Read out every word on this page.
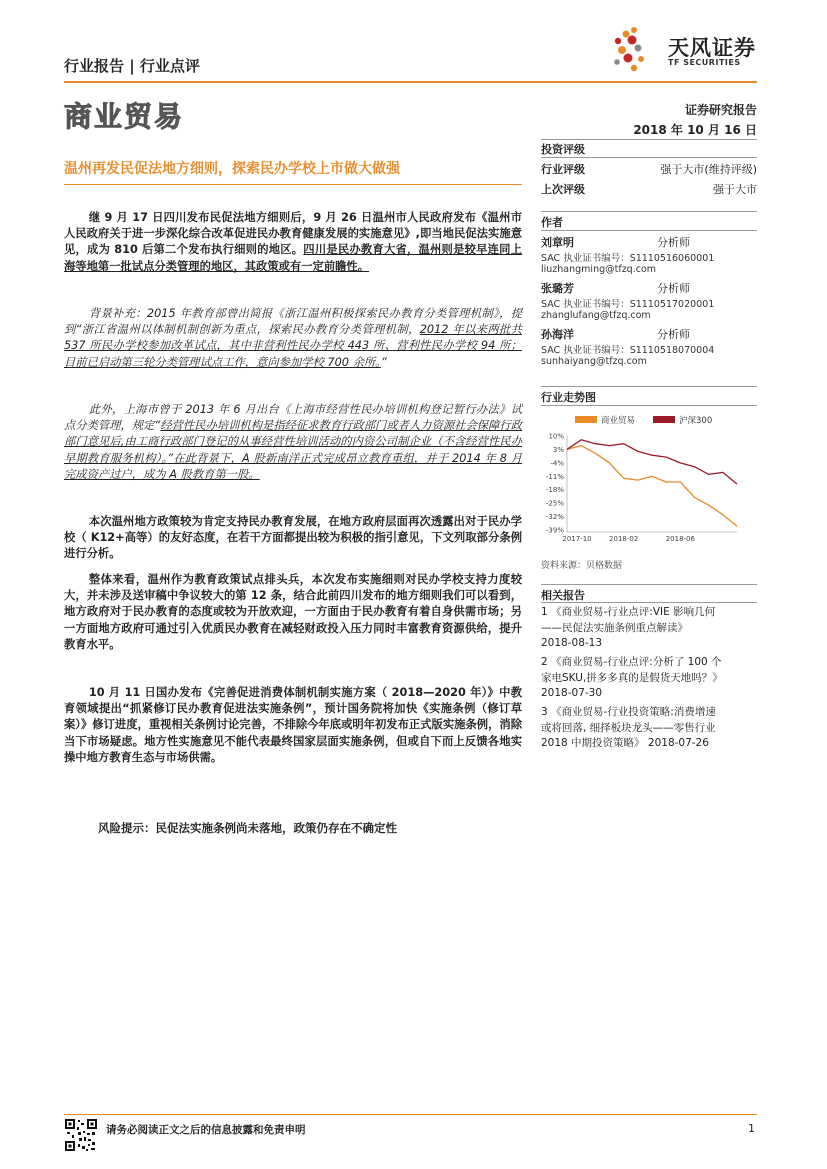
行业报告 | 行业点评
商业贸易
天风证券
TF SECURITIES
证券研究报告
2018 年 10 月 16 日
温州再发民促法地方细则，探索民办学校上市做大做强
投资评级
行业评级	强于大市(维持评级)
上次评级	强于大市
作者
刘章明	分析师
SAC 执业证书编号：S1110516060001
liuzhangming@tfzq.com
张璐芳	分析师
SAC 执业证书编号：S1110517020001
zhanglufang@tfzq.com
孙海洋	分析师
SAC 执业证书编号：S1110518070004
sunhaiyang@tfzq.com
行业走势图
商业贸易	沪深300
10%
3%
-4%
-11%
-18%
-25%
-32%
-39%
2017-10 2018-02	2018-06
资料来源：贝格数据
相关报告
1 《商业贸易-行业点评:VIE 影响几何
——民促法实施条例重点解读》
2018-08-13
2 《商业贸易-行业点评:分析了 100 个
家电SKU,拼多多真的是假货天地吗？》
2018-07-30
3 《商业贸易-行业投资策略:消费增速
或将回落, 细择板块龙头——零售行业
2018 中期投资策略》 2018-07-26

继 9 月 17 日四川发布民促法地方细则后，9 月 26 日温州市人民政府发布《温州市人民政府关于进一步深化综合改革促进民办教育健康发展的实施意见》,即当地民促法实施意见，成为 810 后第二个发布执行细则的地区。四川是民办教育大省，温州则是较早连同上海等地第一批试点分类管理的地区，其政策或有一定前瞻性。

背景补充：2015 年教育部曾出简报《浙江温州积极探索民办教育分类管理机制》，提到“浙江省温州以体制机制创新为重点，探索民办教育分类管理机制，2012 年以来两批共 537 所民办学校参加改革试点，其中非营利性民办学校 443 所、营利性民办学校 94 所；目前已启动第三轮分类管理试点工作，意向参加学校 700 余所。”

此外，上海市曾于 2013 年 6 月出台《上海市经营性民办培训机构登记暂行办法》试点分类管理，规定“经营性民办培训机构是指经征求教育行政部门或者人力资源社会保障行政部门意见后,由工商行政部门登记的从事经营性培训活动的内资公司制企业（不含经营性民办早期教育服务机构）。”在此背景下，A 股新南洋正式完成昂立教育重组，并于 2014 年 8 月完成资产过户，成为 A 股教育第一股。

本次温州地方政策较为肯定支持民办教育发展，在地方政府层面再次透露出对于民办学校（ K12+高等）的友好态度，在若干方面都提出较为积极的指引意见，下文列取部分条例进行分析。

整体来看，温州作为教育政策试点排头兵，本次发布实施细则对民办学校支持力度较大，并未涉及送审稿中争议较大的第 12 条，结合此前四川发布的地方细则我们可以看到，地方政府对于民办教育的态度或较为开放欢迎，一方面由于民办教育有着自身供需市场；另一方面地方政府可通过引入优质民办教育在减轻财政投入压力同时丰富教育资源供给，提升教育水平。

10 月 11 日国办发布《完善促进消费体制机制实施方案（ 2018—2020 年）》中教育领域提出“抓紧修订民办教育促进法实施条例”，预计国务院将加快《实施条例（修订草案）》修订进度，重视相关条例讨论完善，不排除今年底或明年初发布正式版实施条例，消除当下市场疑虑。地方性实施意见不能代表最终国家层面实施条例，但或自下而上反馈各地实操中地方教育生态与市场供需。

风险提示：民促法实施条例尚未落地，政策仍存在不确定性
请务必阅读正文之后的信息披露和免责申明	1
